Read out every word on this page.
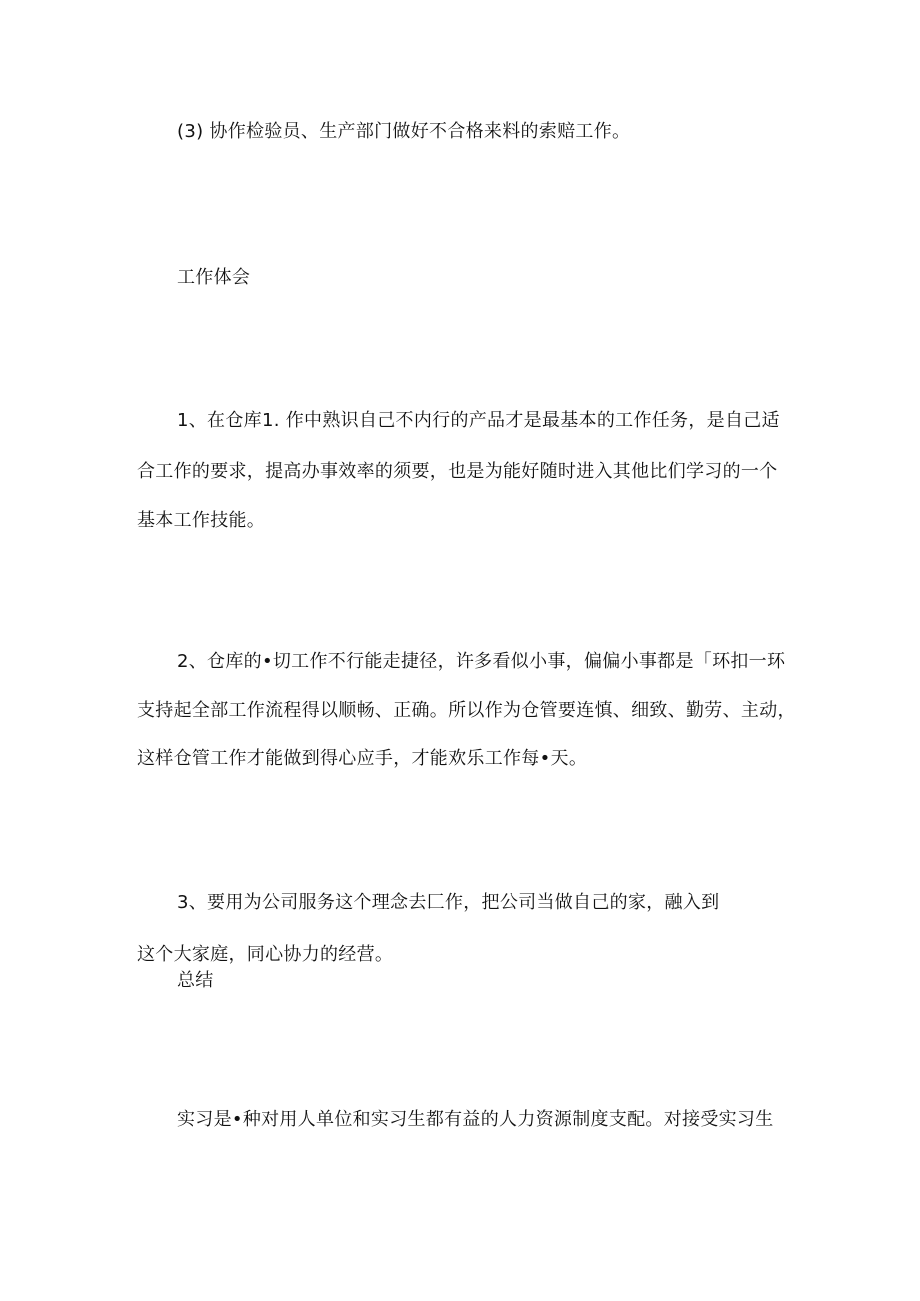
(3) 协作检验员、生产部门做好不合格来料的索赔工作。

工作体会

1、在仓库1. 作中熟识自己不内行的产品才是最基本的工作任务，是自己适

合工作的要求，提高办事效率的须要，也是为能好随时进入其他比们学习的一个

基本工作技能。

2、仓库的•切工作不行能走捷径，许多看似小事，偏偏小事都是「环扣一环

支持起全部工作流程得以顺畅、正确。所以作为仓管要连慎、细致、勤劳、主动，

这样仓管工作才能做到得心应手，才能欢乐工作每•天。

3、要用为公司服务这个理念去匚作，把公司当做自己的家，融入到

这个大家庭，同心协力的经营。

总结

实习是•种对用人单位和实习生都有益的人力资源制度支配。对接受实习生
